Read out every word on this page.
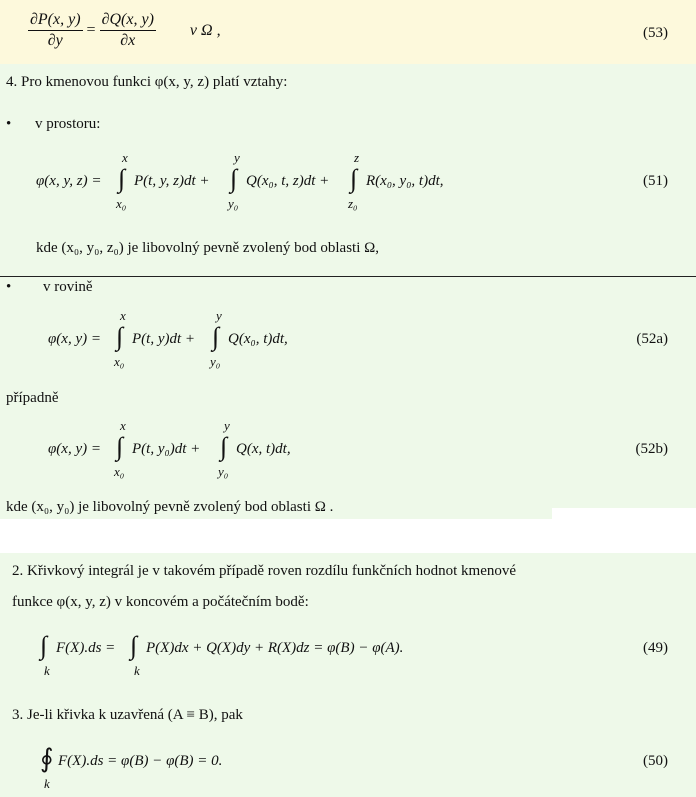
$\frac{\partial P(x, y)}{\partial y} = \frac{\partial Q(x, y)}{\partial x}$ v Ω ,	(53)
4. Pro kmenovou funkci φ(x, y, z) platí vztahy:
• v prostoru:
φ(x, y, z) = ∫
x
x₀
P(t, y, z)dt + ∫
y
y₀
Q(x₀, t, z)dt + ∫
z
z₀
R(x₀, y₀, t)dt,	(51)
kde (x₀, y₀, z₀) je libovolný pevně zvolený bod oblasti Ω,
• v rovině
φ(x, y) = ∫
x
x₀
P(t, y)dt + ∫
y
y₀
Q(x₀, t)dt,	(52a)
případně
φ(x, y) = ∫
x
x₀
P(t, y₀)dt + ∫
y
y₀
Q(x, t)dt,	(52b)
kde (x₀, y₀) je libovolný pevně zvolený bod oblasti Ω .
2. Křivkový integrál je v takovém případě roven rozdílu funkčních hodnot kmenové
funkce φ(x, y, z) v koncovém a počátečním bodě:
∫
k
F(X).ds = ∫
k
P(X)dx + Q(X)dy + R(X)dz = φ(B) − φ(A).	(49)
3. Je-li křivka k uzavřená (A ≡ B), pak
∮
k
F(X).ds = φ(B) − φ(B) = 0.	(50)
